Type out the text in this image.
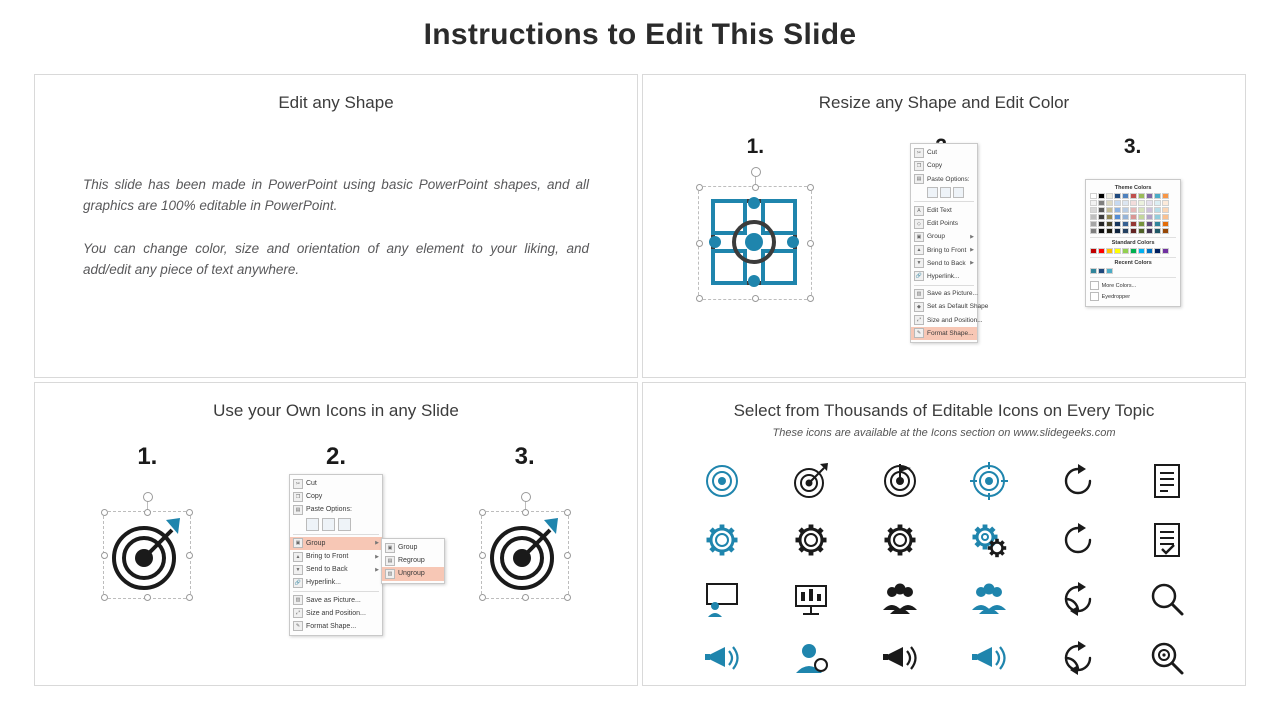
Instructions to Edit This Slide
Edit any Shape
This slide has been made in PowerPoint using basic PowerPoint shapes, and all graphics are 100% editable in PowerPoint.
You can change color, size and orientation of any element to your liking, and add/edit any piece of text anywhere.
Resize any Shape and Edit Color
1.	✂ Cut
❐ Copy
▤ Paste Options:
A Edit Text
◇ Edit Points
▣ Group	▶
▲ Bring to Front ▶
▼ Send to Back ▶
🔗 Hyperlink...
▥ Save as Picture...
◆ Set as Default Shape
⤢ Size and Position...
✎ Format Shape...
3.
Theme Colors
Standard Colors
Recent Colors
More Colors...
Eyedropper
Use your Own Icons in any Slide
1.	2.
✂ Cut
❐ Copy
▤ Paste Options:
▣ Group	▶
▲ Bring to Front	▶
▼ Send to Back	▶
🔗 Hyperlink...
▥ Save as Picture...
⤢ Size and Position...
✎ Format Shape...
▣ Group
▤ Regroup
▥ Ungroup
3.
Select from Thousands of Editable Icons on Every Topic
These icons are available at the Icons section on www.slidegeeks.com
